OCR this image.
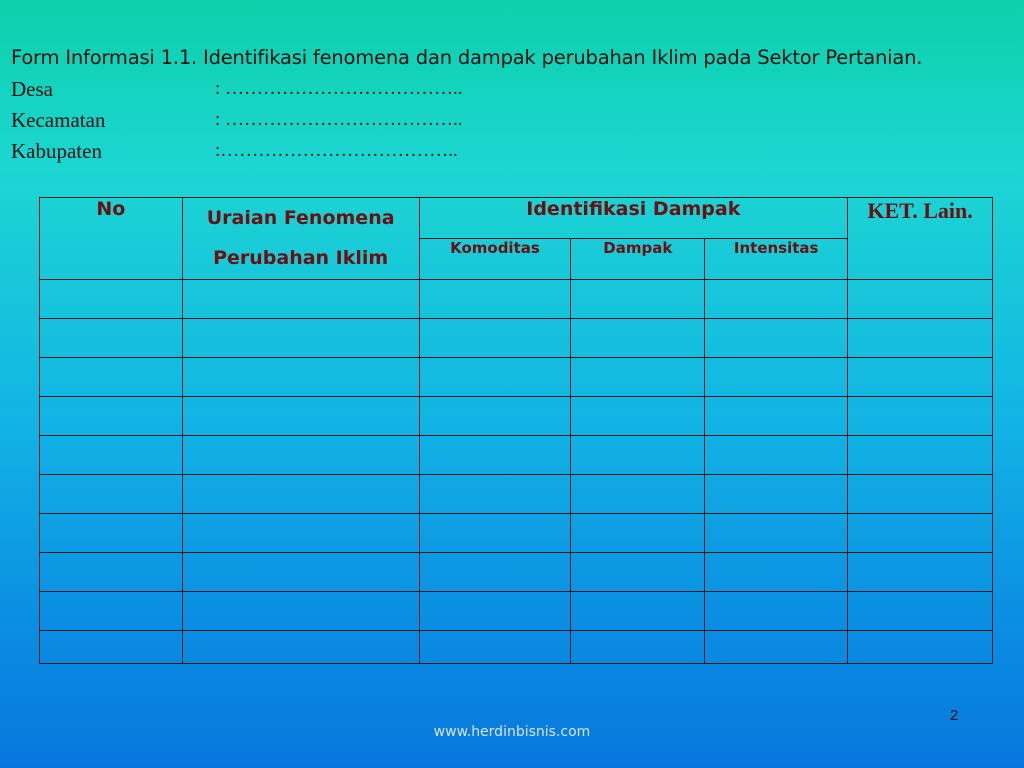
Form Informasi 1.1. Identifikasi fenomena dan dampak perubahan Iklim pada Sektor Pertanian.
Desa	: ………………………………..
Kecamatan	: ………………………………..
Kabupaten	:………………………………..
No	Uraian Fenomena Perubahan Iklim	Identifikasi Dampak			KET. Lain.
		Komoditas	Dampak	Intensitas	

2
www.herdinbisnis.com
